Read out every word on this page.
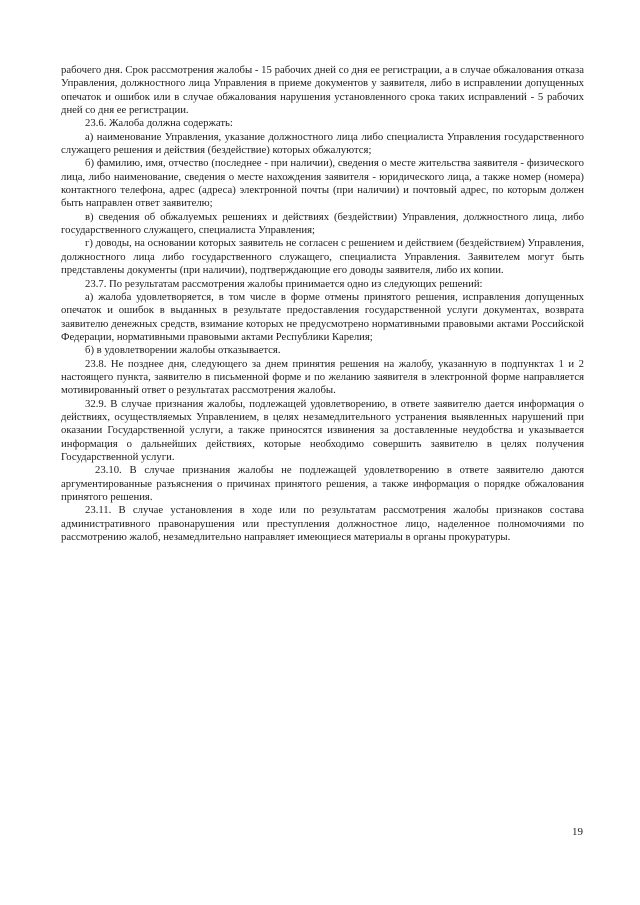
рабочего дня. Срок рассмотрения жалобы - 15 рабочих дней со дня ее регистрации, а в случае обжалования отказа Управления, должностного лица Управления в приеме документов у заявителя, либо в исправлении допущенных опечаток и ошибок или в случае обжалования нарушения установленного срока таких исправлений - 5 рабочих дней со дня ее регистрации.

23.6. Жалоба должна содержать:

а) наименование Управления, указание должностного лица либо специалиста Управления государственного служащего решения и действия (бездействие) которых обжалуются;

б) фамилию, имя, отчество (последнее - при наличии), сведения о месте жительства заявителя - физического лица, либо наименование, сведения о месте нахождения заявителя - юридического лица, а также номер (номера) контактного телефона, адрес (адреса) электронной почты (при наличии) и почтовый адрес, по которым должен быть направлен ответ заявителю;

в) сведения об обжалуемых решениях и действиях (бездействии) Управления, должностного лица, либо государственного служащего, специалиста Управления;

г) доводы, на основании которых заявитель не согласен с решением и действием (бездействием) Управления, должностного лица либо государственного служащего, специалиста Управления. Заявителем могут быть представлены документы (при наличии), подтверждающие его доводы заявителя, либо их копии.

23.7. По результатам рассмотрения жалобы принимается одно из следующих решений:

а) жалоба удовлетворяется, в том числе в форме отмены принятого решения, исправления допущенных опечаток и ошибок в выданных в результате предоставления государственной услуги документах, возврата заявителю денежных средств, взимание которых не предусмотрено нормативными правовыми актами Российской Федерации, нормативными правовыми актами Республики Карелия;

б) в удовлетворении жалобы отказывается.

23.8. Не позднее дня, следующего за днем принятия решения на жалобу, указанную в подпунктах 1 и 2 настоящего пункта, заявителю в письменной форме и по желанию заявителя в электронной форме направляется мотивированный ответ о результатах рассмотрения жалобы.

32.9. В случае признания жалобы, подлежащей удовлетворению, в ответе заявителю дается информация о действиях, осуществляемых Управлением, в целях незамедлительного устранения выявленных нарушений при оказании Государственной услуги, а также приносятся извинения за доставленные неудобства и указывается информация о дальнейших действиях, которые необходимо совершить заявителю в целях получения Государственной услуги.

23.10. В случае признания жалобы не подлежащей удовлетворению в ответе заявителю даются аргументированные разъяснения о причинах принятого решения, а также информация о порядке обжалования принятого решения.

23.11. В случае установления в ходе или по результатам рассмотрения жалобы признаков состава административного правонарушения или преступления должностное лицо, наделенное полномочиями по рассмотрению жалоб, незамедлительно направляет имеющиеся материалы в органы прокуратуры.

19
